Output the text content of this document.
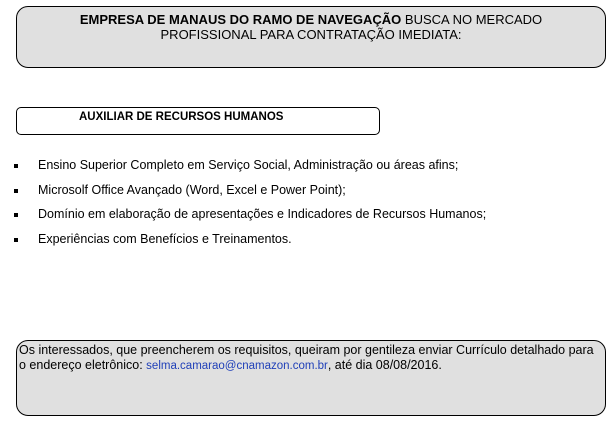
EMPRESA DE MANAUS DO RAMO DE NAVEGAÇÃO BUSCA NO MERCADO
PROFISSIONAL PARA CONTRATAÇÃO IMEDIATA:
AUXILIAR DE RECURSOS HUMANOS
Ensino Superior Completo em Serviço Social, Administração ou áreas afins;
Microsolf Office Avançado (Word, Excel e Power Point);
Domínio em elaboração de apresentações e Indicadores de Recursos Humanos;
Experiências com Benefícios e Treinamentos.
Os interessados, que preencherem os requisitos, queiram por gentileza enviar Currículo detalhado para o endereço eletrônico: selma.camarao@cnamazon.com.br, até dia 08/08/2016.
